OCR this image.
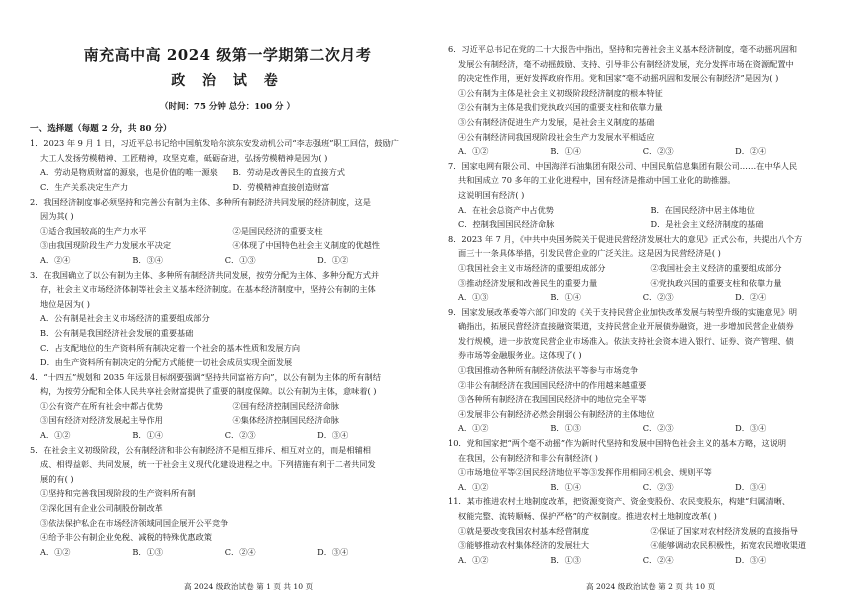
南充高中高 2024 级第一学期第二次月考
政 治 试 卷
（时间：75 分钟 总分：100 分 ）
一、选择题（每题 2 分，共 80 分）
1．2023 年 9 月 1 日，习近平总书记给中国航发哈尔滨东安发动机公司“李志强班”职工回信，鼓励广
大工人发扬劳模精神、工匠精神，攻坚克难，砥砺奋进，弘扬劳模精神是因为( )
A．劳动是物质财富的源泉，也是价值的唯一源泉	B．劳动是改善民生的直接方式
C．生产关系决定生产力	D．劳模精神直接创造财富
2．我国经济制度事必须坚持和完善公有制为主体、多种所有制经济共同发展的经济制度，这是
因为其( )
①适合我国较高的生产力水平	②是国民经济的重要支柱
③由我国现阶段生产力发展水平决定	④体现了中国特色社会主义制度的优越性
A．②④	B．③④	C．①③	D．①②
3．在我国确立了以公有制为主体、多种所有制经济共同发展，按劳分配为主体、多种分配方式并
存，社会主义市场经济体制等社会主义基本经济制度。在基本经济制度中，坚持公有制的主体
地位是因为( )
A．公有制是社会主义市场经济的重要组成部分
B．公有制是我国经济社会发展的重要基础
C．占支配地位的生产资料所有制决定着一个社会的基本性质和发展方向
D．由生产资料所有制决定的分配方式能使一切社会成员实现全面发展
4．“十四五”规划和 2035 年远景目标纲要强调“坚持共同富裕方向”，以公有制为主体的所有制结
构，为按劳分配和全体人民共享社会财富提供了重要的制度保障。以公有制为主体，意味着( )
①公有资产在所有社会中都占优势	②国有经济控制国民经济命脉
③国有经济对经济发展起主导作用	④集体经济控制国民经济命脉
A．①②	B．①④	C．②③	D．③④
5．在社会主义初级阶段，公有制经济和非公有制经济不是相互排斥、相互对立的，而是相辅相
成、相得益彰、共同发展，统一于社会主义现代化建设进程之中。下列措施有利于二者共同发
展的有( )
①坚持和完善我国现阶段的生产资料所有制
②深化国有企业公司制股份制改革
③依法保护私企在市场经济领域同国企展开公平竞争
④给予非公有制企业免税、减税的特殊优惠政策
A．①②	B．①③	C．②④	D．③④
6．习近平总书记在党的二十大报告中指出，坚持和完善社会主义基本经济制度，毫不动摇巩固和
发展公有制经济，毫不动摇鼓励、支持、引导非公有制经济发展，充分发挥市场在资源配置中
的决定性作用，更好发挥政府作用。党和国家“毫不动摇巩固和发展公有制经济”是因为( )
①公有制为主体是社会主义初级阶段经济制度的根本特征
②公有制为主体是我们党执政兴国的重要支柱和依靠力量
③公有制经济促进生产力发展，是社会主义制度的基础
④公有制经济同我国现阶段社会生产力发展水平相适应
A．①②	B．①④	C．②③	D．②④
7．国家电网有限公司、中国海洋石油集团有限公司、中国民航信息集团有限公司……在中华人民
共和国成立 70 多年的工业化进程中，国有经济是推动中国工业化的助推器。
这说明国有经济( )
A．在社会总资产中占优势	B．在国民经济中居主体地位
C．控制我国国民经济命脉	D．是社会主义经济制度的基础
8．2023 年 7 月，《中共中央国务院关于促进民营经济发展壮大的意见》正式公布，共提出八个方
面三十一条具体举措，引发民营企业的广泛关注。这是因为民营经济是( )
①我国社会主义市场经济的重要组成部分	②我国社会主义经济的重要组成部分
③推动经济发展和改善民生的重要力量	④党执政兴国的重要支柱和依靠力量
A．①③	B．①④	C．②③	D．②④
9．国家发展改革委等六部门印发的《关于支持民营企业加快改革发展与转型升级的实施意见》明
确指出，拓展民营经济直接融资渠道，支持民营企业开展债券融资，进一步增加民营企业债券
发行规模，进一步放宽民营企业市场准入。依法支持社会资本进入银行、证券、资产管理、债
券市场等金融服务业。这体现了( )
①我国推动各种所有制经济依法平等参与市场竞争
②非公有制经济在我国国民经济中的作用越来越重要
③各种所有制经济在我国国民经济中的地位完全平等
④发展非公有制经济必然会削弱公有制经济的主体地位
A．①②	B．①③	C．②③	D．③④
10．党和国家把“两个毫不动摇”作为新时代坚持和发展中国特色社会主义的基本方略，这说明
在我国，公有制经济和非公有制经济( )
①市场地位平等②国民经济地位平等③发挥作用相同④机会、规则平等
A．①②	B．①④	C．②③	D．③④
11．某市推进农村土地制度改革，把资源变资产、资金变股份、农民变股东，构建“归属清晰、
权能完整、流转顺畅、保护严格”的产权制度。推进农村土地制度改革( )
①就是要改变我国农村基本经营制度	②保证了国家对农村经济发展的直接指导
③能够推动农村集体经济的发展壮大	④能够调动农民积极性，拓宽农民增收渠道
A．①②	B．①③	C．②④	D．③④
高 2024 级政治试卷 第 1 页 共 10 页	高 2024 级政治试卷 第 2 页 共 10 页
